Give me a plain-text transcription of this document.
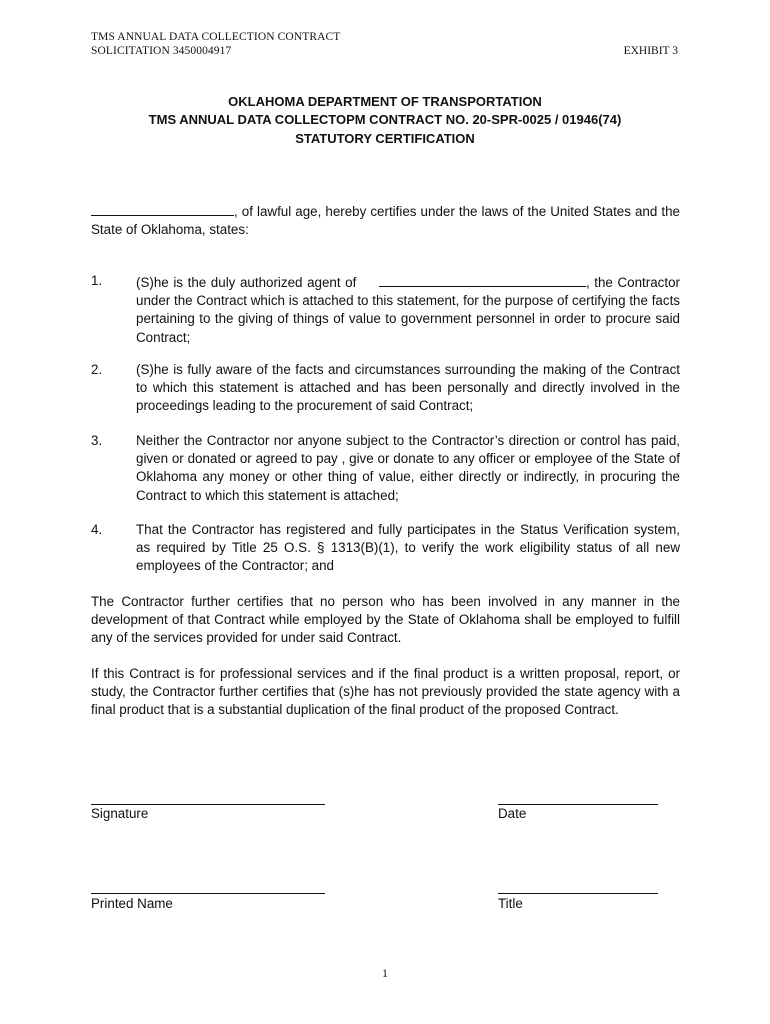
TMS ANNUAL DATA COLLECTION CONTRACT
SOLICITATION 3450004917	EXHIBIT 3
OKLAHOMA DEPARTMENT OF TRANSPORTATION
TMS ANNUAL DATA COLLECTOPM CONTRACT NO. 20-SPR-0025 / 01946(74)
STATUTORY CERTIFICATION
, of lawful age, hereby certifies under the laws of the United States and the State of Oklahoma, states:
1.	(S)he is the duly authorized agent of	, the Contractor under the Contract which is attached to this statement, for the purpose of certifying the facts pertaining to the giving of things of value to government personnel in order to procure said Contract;
2.	(S)he is fully aware of the facts and circumstances surrounding the making of the Contract to which this statement is attached and has been personally and directly involved in the proceedings leading to the procurement of said Contract;
3.	Neither the Contractor nor anyone subject to the Contractor’s direction or control has paid, given or donated or agreed to pay , give or donate to any officer or employee of the State of Oklahoma any money or other thing of value, either directly or indirectly, in procuring the Contract to which this statement is attached;
4.	That the Contractor has registered and fully participates in the Status Verification system, as required by Title 25 O.S. § 1313(B)(1), to verify the work eligibility status of all new employees of the Contractor; and
The Contractor further certifies that no person who has been involved in any manner in the development of that Contract while employed by the State of Oklahoma shall be employed to fulfill any of the services provided for under said Contract.
If this Contract is for professional services and if the final product is a written proposal, report, or study, the Contractor further certifies that (s)he has not previously provided the state agency with a final product that is a substantial duplication of the final product of the proposed Contract.
Signature	Date
Printed Name	Title
1
